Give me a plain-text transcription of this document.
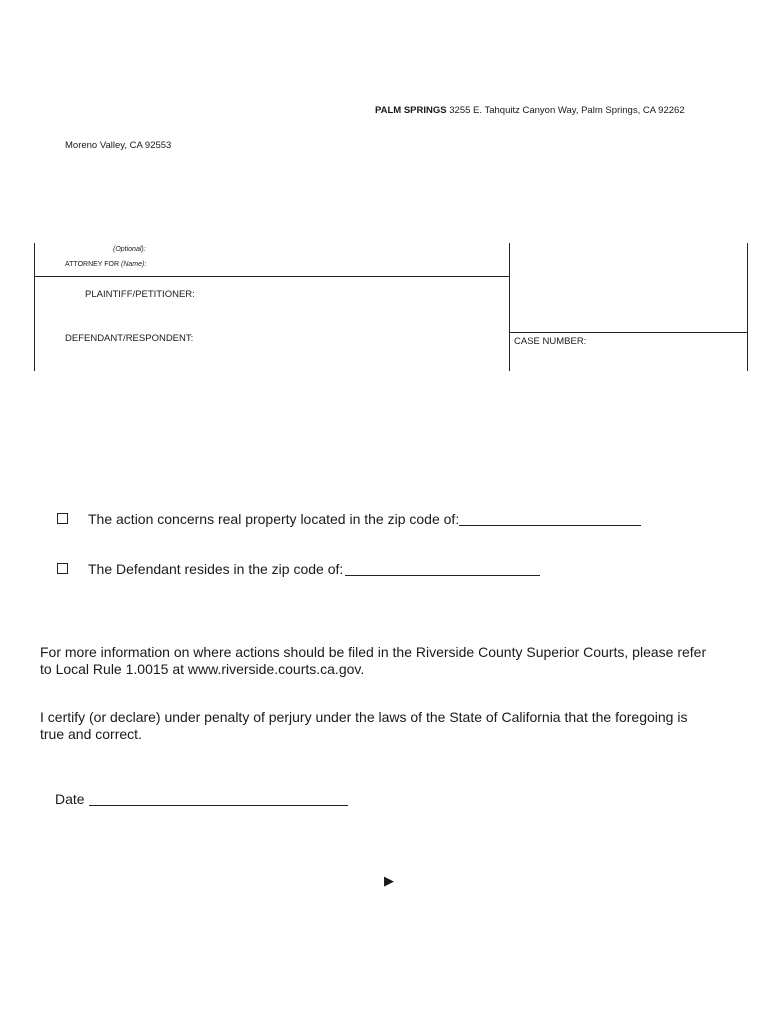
PALM SPRINGS 3255 E. Tahquitz Canyon Way, Palm Springs, CA 92262
Moreno Valley, CA 92553
(Optional):
ATTORNEY FOR (Name):
PLAINTIFF/PETITIONER:
DEFENDANT/RESPONDENT:	CASE NUMBER:
The action concerns real property located in the zip code of:
The Defendant resides in the zip code of:
For more information on where actions should be filed in the Riverside County Superior Courts, please refer
to Local Rule 1.0015 at www.riverside.courts.ca.gov.
I certify (or declare) under penalty of perjury under the laws of the State of California that the foregoing is
true and correct.
Date
▶
